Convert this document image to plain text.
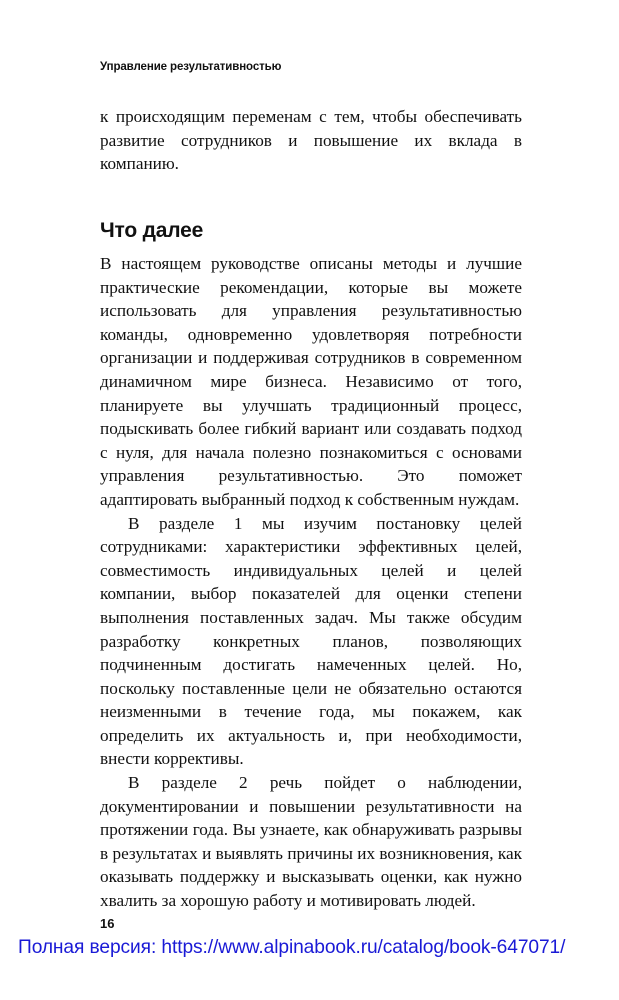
Управление результативностью

к происходящим переменам с тем, чтобы обеспечивать развитие сотрудников и повышение их вклада в компанию.

Что далее

В настоящем руководстве описаны методы и лучшие практические рекомендации, которые вы можете использовать для управления результативностью команды, одновременно удовлетворяя потребности организации и поддерживая сотрудников в современном динамичном мире бизнеса. Независимо от того, планируете вы улучшать традиционный процесс, подыскивать более гибкий вариант или создавать подход с нуля, для начала полезно познакомиться с основами управления результативностью. Это поможет адаптировать выбранный подход к собственным нуждам.

В разделе 1 мы изучим постановку целей сотрудниками: характеристики эффективных целей, совместимость индивидуальных целей и целей компании, выбор показателей для оценки степени выполнения поставленных задач. Мы также обсудим разработку конкретных планов, позволяющих подчиненным достигать намеченных целей. Но, поскольку поставленные цели не обязательно остаются неизменными в течение года, мы покажем, как определить их актуальность и, при необходимости, внести коррективы.

В разделе 2 речь пойдет о наблюдении, документировании и повышении результативности на протяжении года. Вы узнаете, как обнаруживать разрывы в результатах и выявлять причины их возникновения, как оказывать поддержку и высказывать оценки, как нужно хвалить за хорошую работу и мотивировать людей.

16

Полная версия: https://www.alpinabook.ru/catalog/book-647071/
